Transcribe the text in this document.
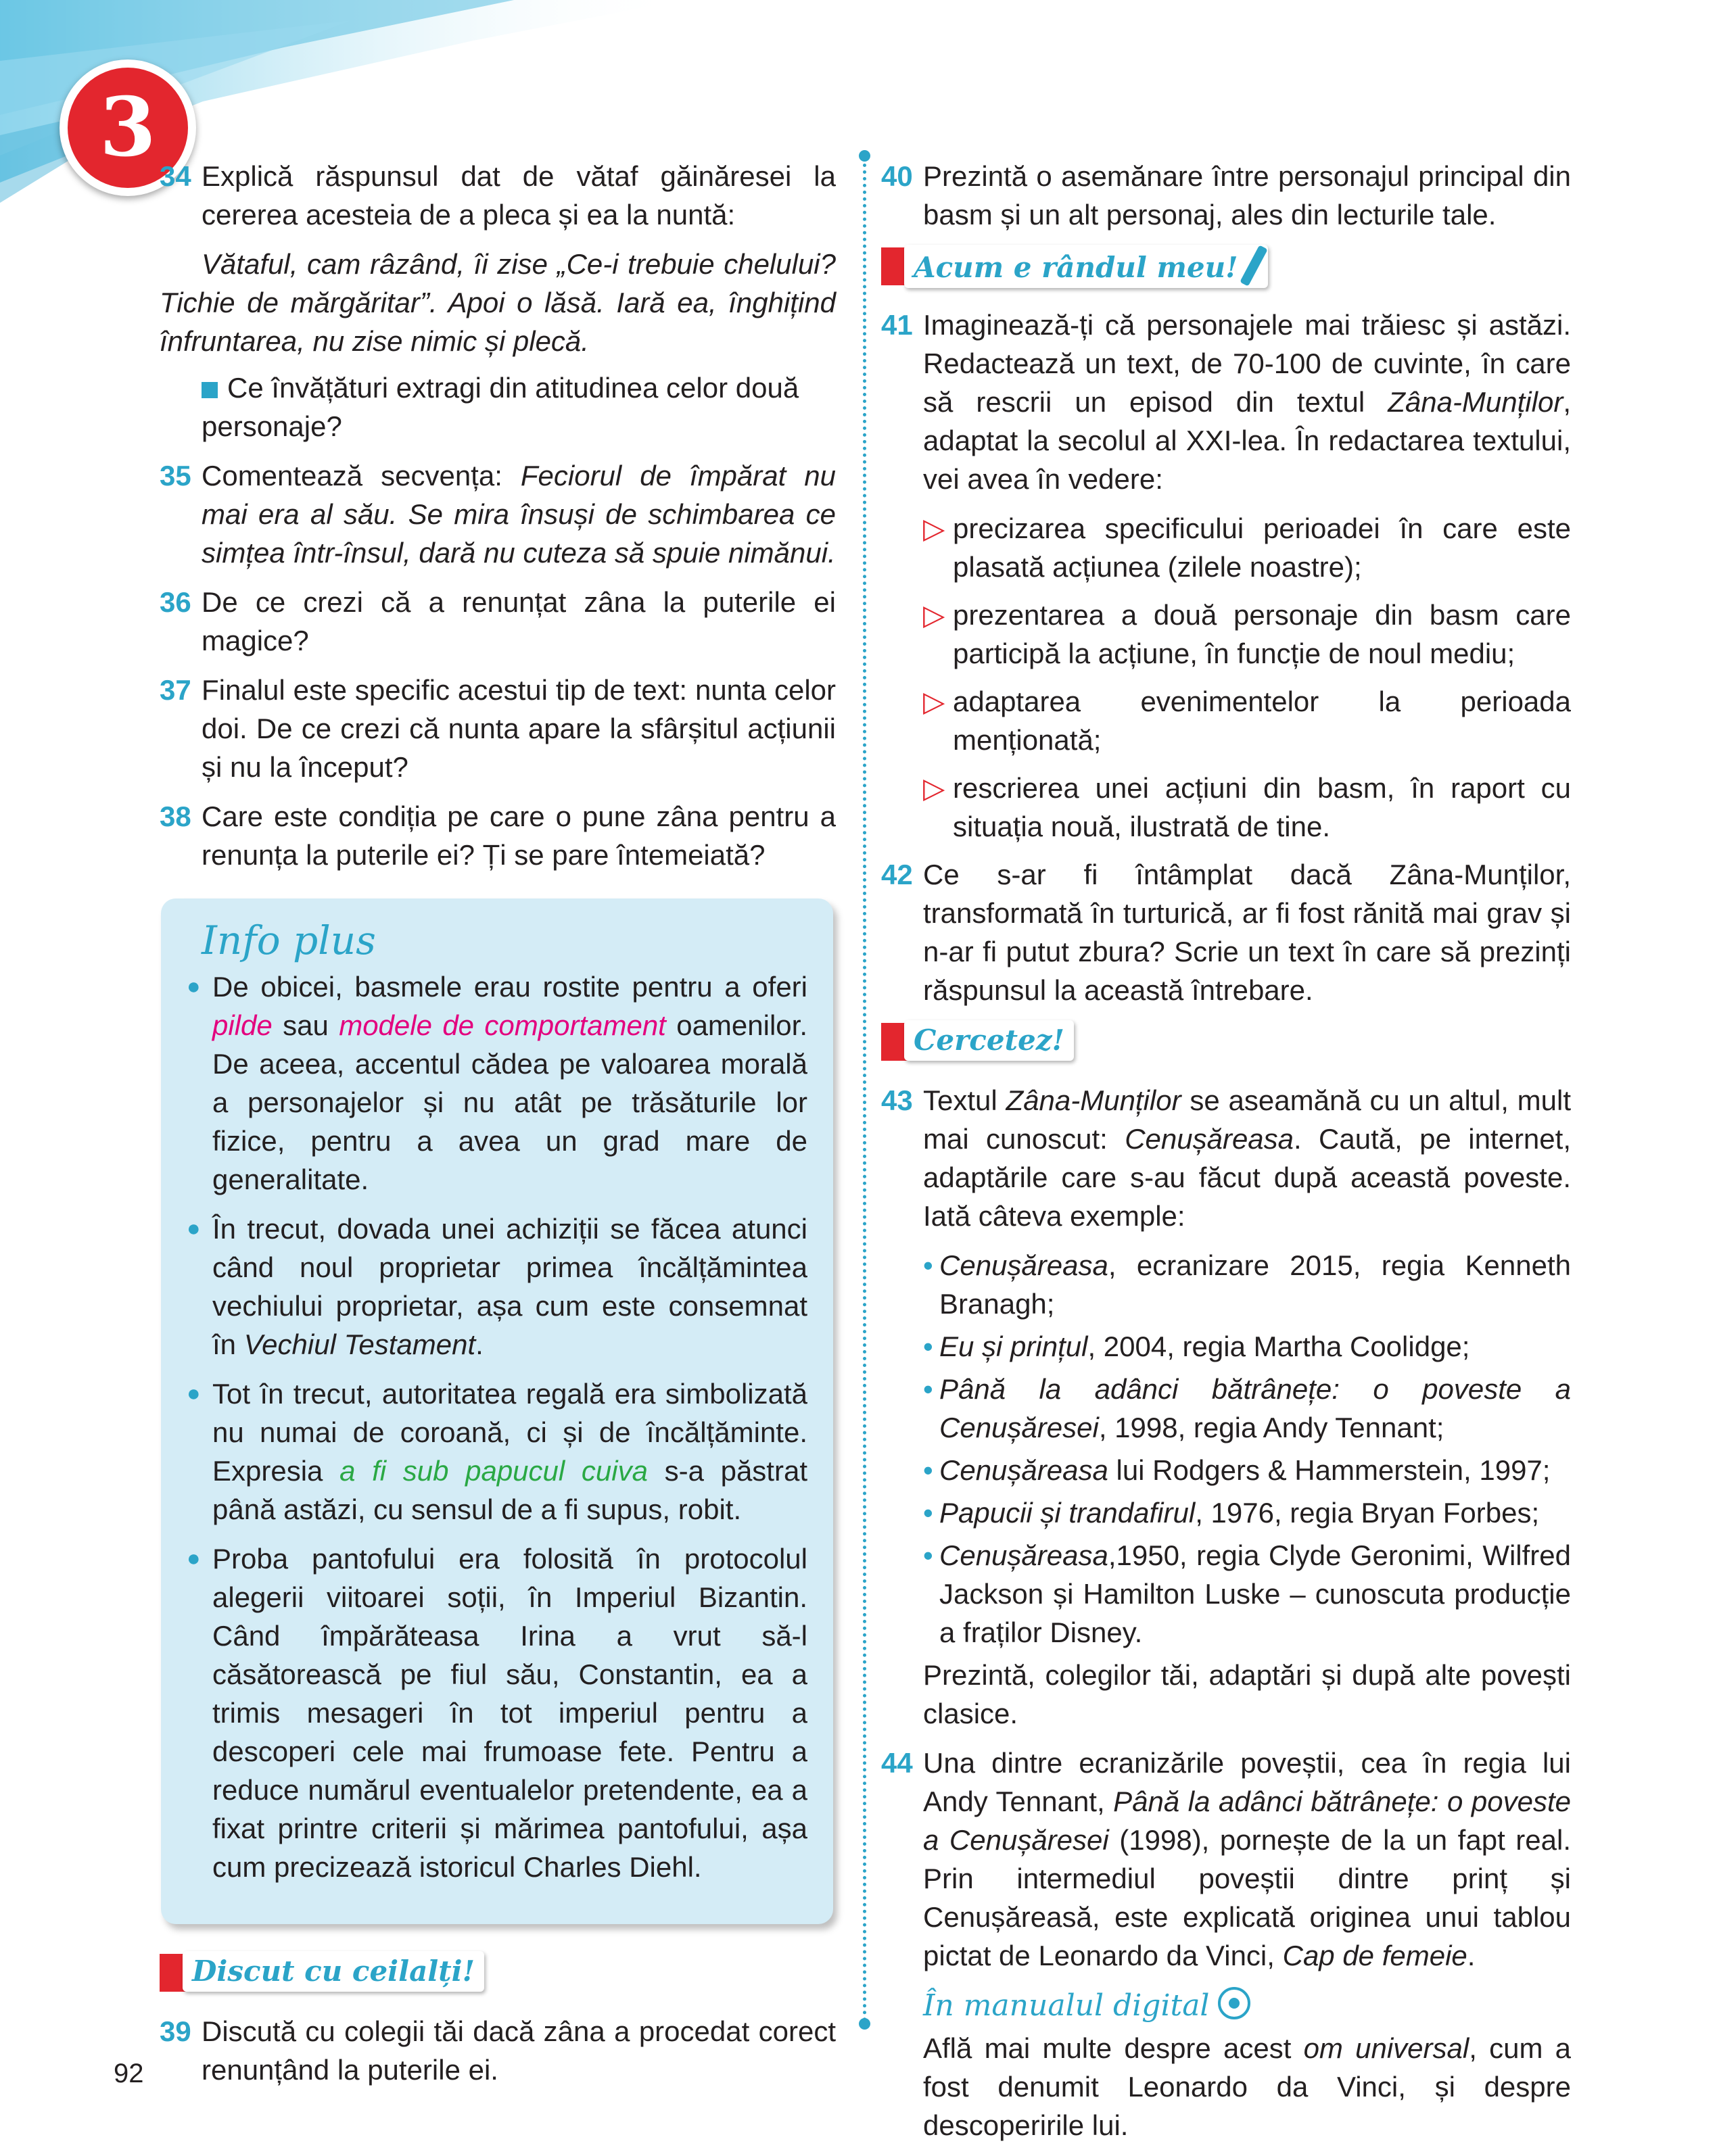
3
34 Explică răspunsul dat de vătaf găinăresei la cererea acesteia de a pleca și ea la nuntă:
Vătaful, cam râzând, îi zise „Ce-i trebuie chelului? Tichie de mărgăritar”. Apoi o lăsă. Iară ea, înghițind înfruntarea, nu zise nimic și plecă.
Ce învățături extragi din atitudinea celor două personaje?
35 Comentează secvența: Feciorul de împărat nu mai era al său. Se mira însuși de schimbarea ce simțea într-însul, dară nu cuteza să spuie nimănui.
36 De ce crezi că a renunțat zâna la puterile ei magice?
37 Finalul este specific acestui tip de text: nunta celor doi. De ce crezi că nunta apare la sfârșitul acțiunii și nu la început?
38 Care este condiția pe care o pune zâna pentru a renunța la puterile ei? Ți se pare întemeiată?
Info plus
● De obicei, basmele erau rostite pentru a oferi pilde sau modele de comportament oamenilor. De aceea, accentul cădea pe valoarea morală a personajelor și nu atât pe trăsăturile lor fizice, pentru a avea un grad mare de generalitate.
● În trecut, dovada unei achiziții se făcea atunci când noul proprietar primea încălțămintea vechiului proprietar, așa cum este consemnat în Vechiul Testament.
● Tot în trecut, autoritatea regală era simbolizată nu numai de coroană, ci și de încălțăminte. Expresia a fi sub papucul cuiva s-a păstrat până astăzi, cu sensul de a fi supus, robit.
● Proba pantofului era folosită în protocolul alegerii viitoarei soții, în Imperiul Bizantin. Când împărăteasa Irina a vrut să-l căsătorească pe fiul său, Constantin, ea a trimis mesageri în tot imperiul pentru a descoperi cele mai frumoase fete. Pentru a reduce numărul eventualelor pretendente, ea a fixat printre criterii și mărimea pantofului, așa cum precizează istoricul Charles Diehl.
Discut cu ceilalți!
39 Discută cu colegii tăi dacă zâna a procedat corect renunțând la puterile ei.
40 Prezintă o asemănare între personajul principal din basm și un alt personaj, ales din lecturile tale.
Acum e rândul meu!
41 Imaginează-ți că personajele mai trăiesc și astăzi. Redactează un text, de 70-100 de cuvinte, în care să rescrii un episod din textul Zâna-Munților, adaptat la secolul al XXI-lea. În redactarea textului, vei avea în vedere:
▷ precizarea specificului perioadei în care este plasată acțiunea (zilele noastre);
▷ prezentarea a două personaje din basm care participă la acțiune, în funcție de noul mediu;
▷ adaptarea evenimentelor la perioada menționată;
▷ rescrierea unei acțiuni din basm, în raport cu situația nouă, ilustrată de tine.
42 Ce s-ar fi întâmplat dacă Zâna-Munților, transformată în turturică, ar fi fost rănită mai grav și n-ar fi putut zbura? Scrie un text în care să prezinți răspunsul la această întrebare.
Cercetez!
43 Textul Zâna-Munților se aseamănă cu un altul, mult mai cunoscut: Cenușăreasa. Caută, pe internet, adaptările care s-au făcut după această poveste. Iată câteva exemple:
• Cenușăreasa, ecranizare 2015, regia Kenneth Branagh;
• Eu și prințul, 2004, regia Martha Coolidge;
• Până la adânci bătrânețe: o poveste a Cenușăresei, 1998, regia Andy Tennant;
• Cenușăreasa lui Rodgers & Hammerstein, 1997;
• Papucii și trandafirul, 1976, regia Bryan Forbes;
• Cenușăreasa,1950, regia Clyde Geronimi, Wilfred Jackson și Hamilton Luske – cunoscuta producție a fraților Disney.
Prezintă, colegilor tăi, adaptări și după alte povești clasice.
44 Una dintre ecranizările poveștii, cea în regia lui Andy Tennant, Până la adânci bătrânețe: o poveste a Cenușăresei (1998), pornește de la un fapt real. Prin intermediul poveștii dintre prinț și Cenușăreasă, este explicată originea unui tablou pictat de Leonardo da Vinci, Cap de femeie.
În manualul digital
Află mai multe despre acest om universal, cum a fost denumit Leonardo da Vinci, și despre descoperirile lui.
92
